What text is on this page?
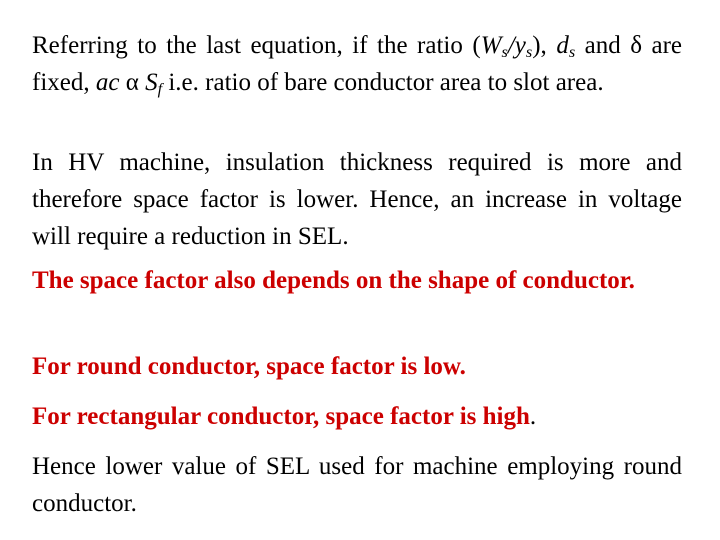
Referring to the last equation, if the ratio $(W_s/y_s)$, $d_s$ and δ are fixed, ac α $S_f$ i.e. ratio of bare conductor area to slot area.

In HV machine, insulation thickness required is more and therefore space factor is lower. Hence, an increase in voltage will require a reduction in SEL.

The space factor also depends on the shape of conductor.

For round conductor, space factor is low.

For rectangular conductor, space factor is high.

Hence lower value of SEL used for machine employing round conductor.
